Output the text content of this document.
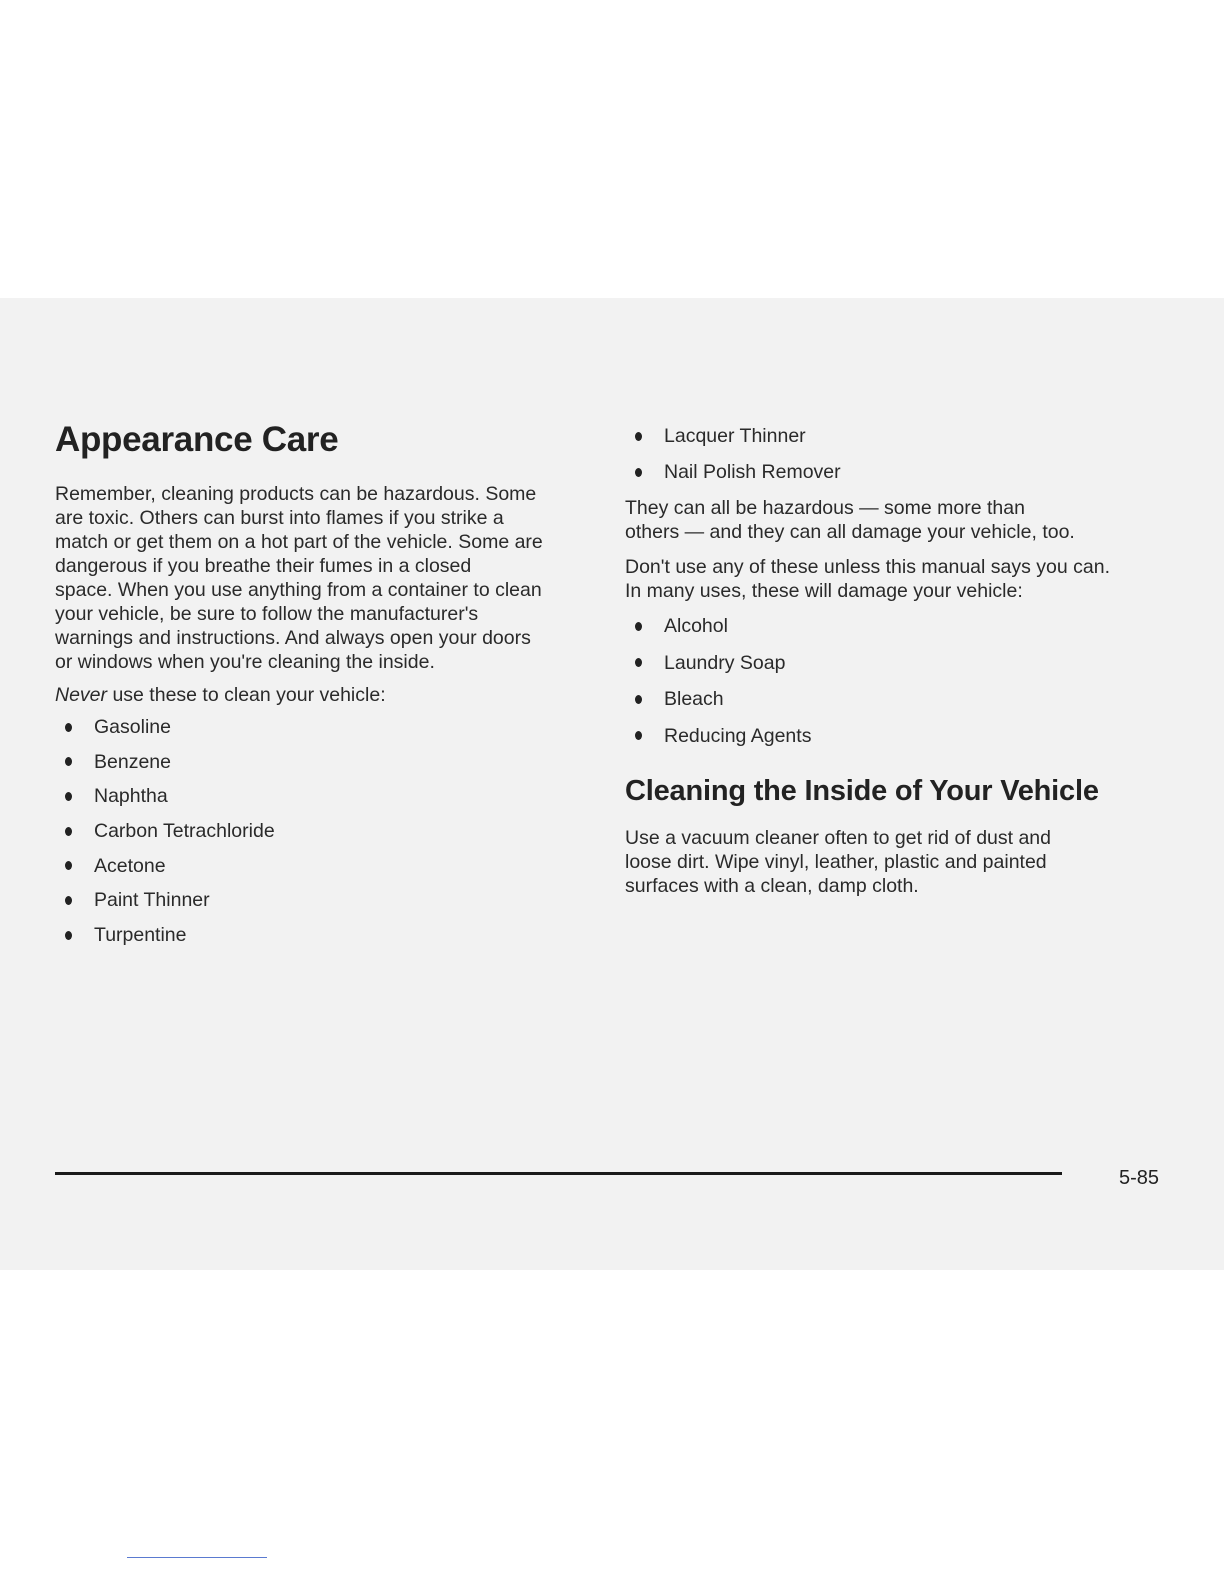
Appearance Care

Remember, cleaning products can be hazardous. Some
are toxic. Others can burst into flames if you strike a
match or get them on a hot part of the vehicle. Some are
dangerous if you breathe their fumes in a closed
space. When you use anything from a container to clean
your vehicle, be sure to follow the manufacturer's
warnings and instructions. And always open your doors
or windows when you're cleaning the inside.

Never use these to clean your vehicle:

Gasoline
Benzene
Naphtha
Carbon Tetrachloride
Acetone
Paint Thinner
Turpentine
Lacquer Thinner
Nail Polish Remover

They can all be hazardous — some more than
others — and they can all damage your vehicle, too.

Don't use any of these unless this manual says you can.
In many uses, these will damage your vehicle:

Alcohol
Laundry Soap
Bleach
Reducing Agents
Cleaning the Inside of Your Vehicle

Use a vacuum cleaner often to get rid of dust and
loose dirt. Wipe vinyl, leather, plastic and painted
surfaces with a clean, damp cloth.

5-85
